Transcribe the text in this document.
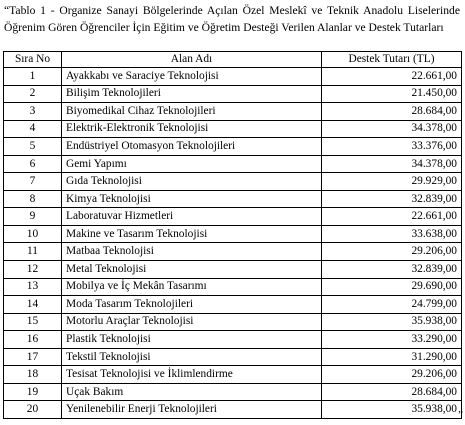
“Tablo 1 - Organize Sanayi Bölgelerinde Açılan Özel Meslekî ve Teknik Anadolu Liselerinde Öğrenim Gören Öğrenciler İçin Eğitim ve Öğretim Desteği Verilen Alanlar ve Destek Tutarları
Sıra No	Alan Adı	Destek Tutarı (TL)
1	Ayakkabı ve Saraciye Teknolojisi	22.661,00
2	Bilişim Teknolojileri	21.450,00
3	Biyomedikal Cihaz Teknolojileri	28.684,00
4	Elektrik-Elektronik Teknolojisi	34.378,00
5	Endüstriyel Otomasyon Teknolojileri	33.376,00
6	Gemi Yapımı	34.378,00
7	Gıda Teknolojisi	29.929,00
8	Kimya Teknolojisi	32.839,00
9	Laboratuvar Hizmetleri	22.661,00
10	Makine ve Tasarım Teknolojisi	33.638,00
11	Matbaa Teknolojisi	29.206,00
12	Metal Teknolojisi	32.839,00
13	Mobilya ve İç Mekân Tasarımı	29.690,00
14	Moda Tasarım Teknolojileri	24.799,00
15	Motorlu Araçlar Teknolojisi	35.938,00
16	Plastik Teknolojisi	33.290,00
17	Tekstil Teknolojisi	31.290,00
18	Tesisat Teknolojisi ve İklimlendirme	29.206,00
19	Uçak Bakım	28.684,00
20	Yenilenebilir Enerji Teknolojileri	35.938,00 ”
